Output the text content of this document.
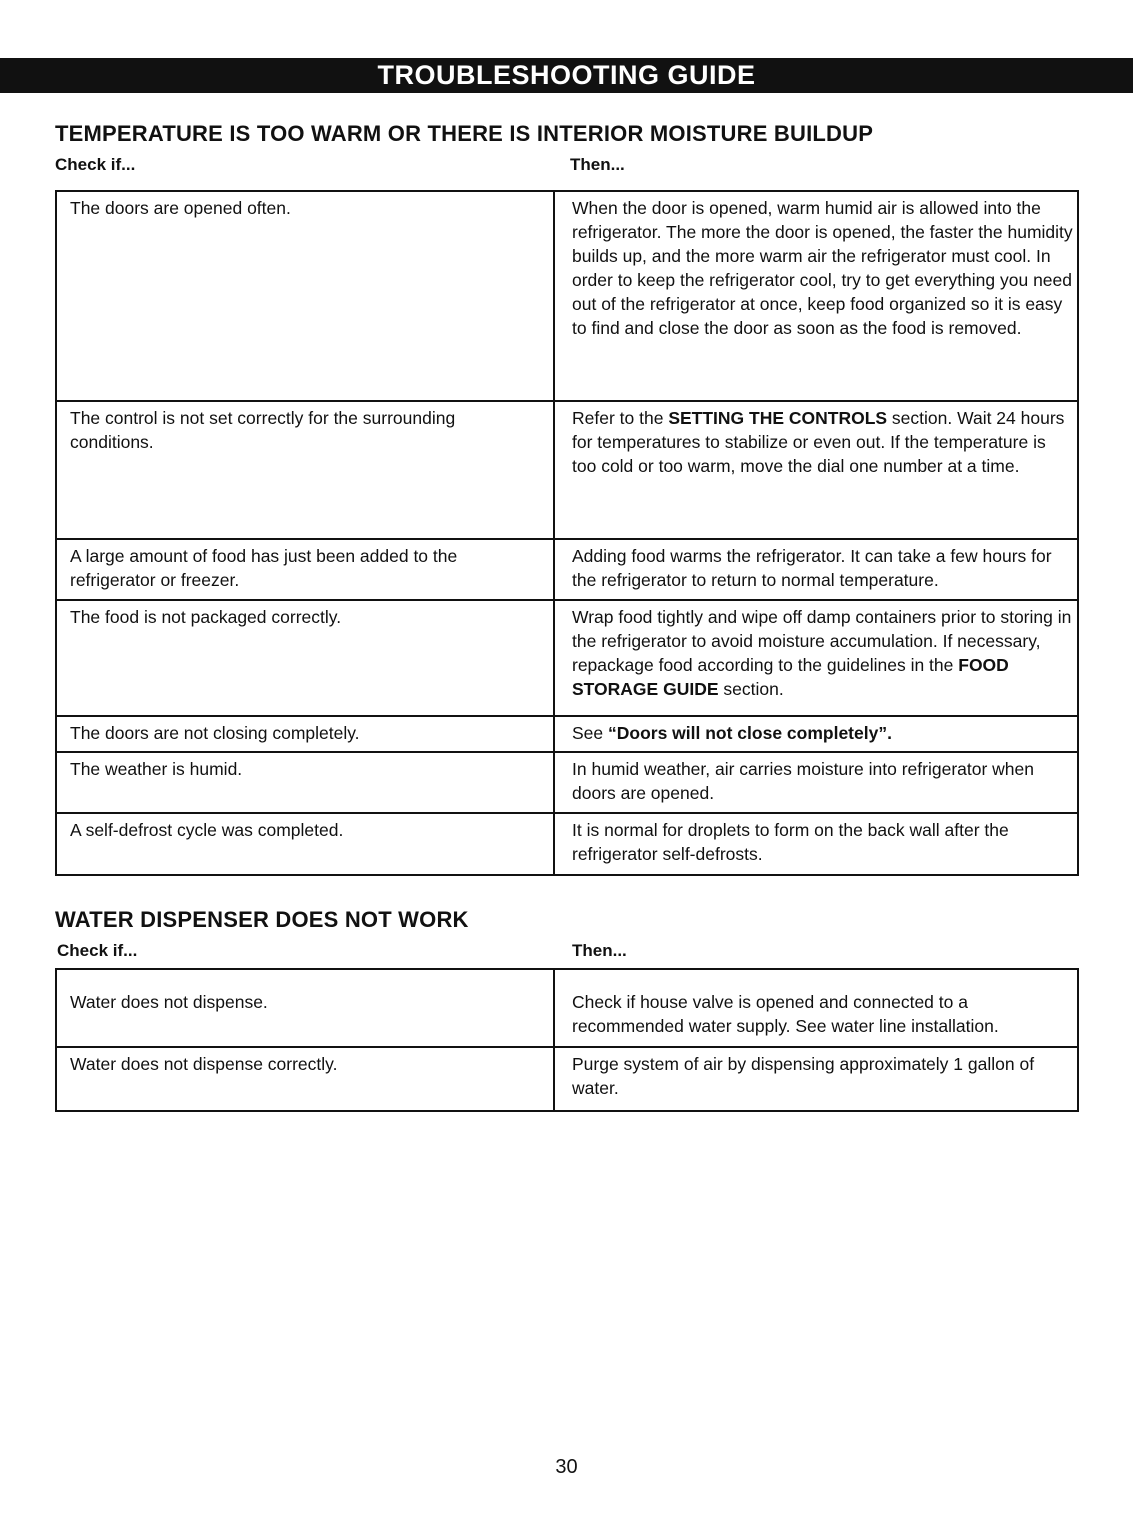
TROUBLESHOOTING GUIDE
TEMPERATURE IS TOO WARM OR THERE IS INTERIOR MOISTURE BUILDUP
Check if...	Then...
The doors are opened often.	When the door is opened, warm humid air is allowed into the refrigerator. The more the door is opened, the faster the humidity builds up, and the more warm air the refrigerator must cool. In order to keep the refrigerator cool, try to get everything you need out of the refrigerator at once, keep food organized so it is easy to find and close the door as soon as the food is removed.
The control is not set correctly for the surrounding conditions.	Refer to the SETTING THE CONTROLS section. Wait 24 hours for temperatures to stabilize or even out. If the temperature is too cold or too warm, move the dial one number at a time.
A large amount of food has just been added to the refrigerator or freezer.	Adding food warms the refrigerator. It can take a few hours for the refrigerator to return to normal temperature.
The food is not packaged correctly.	Wrap food tightly and wipe off damp containers prior to storing in the refrigerator to avoid moisture accumulation. If necessary, repackage food according to the guidelines in the FOOD STORAGE GUIDE section.
The doors are not closing completely.	See “Doors will not close completely”.
The weather is humid.	In humid weather, air carries moisture into refrigerator when doors are opened.
A self-defrost cycle was completed.	It is normal for droplets to form on the back wall after the refrigerator self-defrosts.
WATER DISPENSER DOES NOT WORK
Check if...	Then...
Water does not dispense.	Check if house valve is opened and connected to a recommended water supply. See water line installation.
Water does not dispense correctly.	Purge system of air by dispensing approximately 1 gallon of water.
30
